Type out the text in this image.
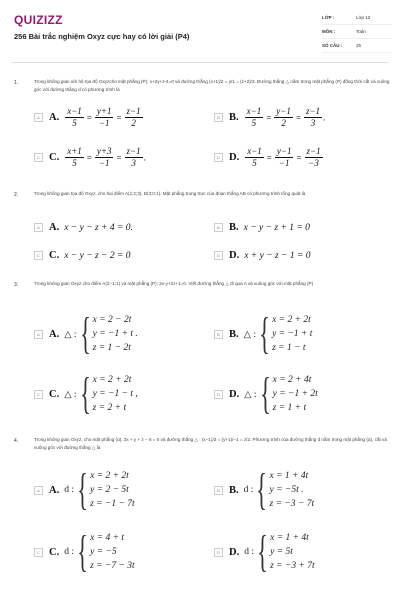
QUIZIZZ
256 Bài trắc nghiệm Oxyz cực hay có lời giải (P4)
LỚP :	Lớp 12
MÔN :	Toán
SỐ CÂU :	25
1.	Trong không gian với hệ tọa độ Oxyzcho mặt phẳng (P): x+2y+z-4=0 và đường thẳng (x+1)/2 = y/1 = (z+2)/3. Đường thẳng △ nằm trong mặt phẳng (P) đồng thời cắt và vuông góc với đường thẳng d có phương trình là
A A. $\frac{x-1}{5} = \frac{y+1}{-1} = \frac{z-1}{2}$	B B. $\frac{x-1}{5} = \frac{y-1}{2} = \frac{z-1}{3}$ .
C C. $\frac{x+1}{5} = \frac{y+3}{-1} = \frac{z-1}{3}$ .	D D. $\frac{x-1}{5} = \frac{y-1}{-1} = \frac{z-1}{-3}$
2.	Trong không gian tọa độ Oxyz, cho hai điểm A(1;2;3), B(3;0;1). Mặt phẳng trung trực của đoạn thẳng AB có phương trình tổng quát là
A A. x − y − z + 4 = 0.	B B. x − y − z + 1 = 0
C C. x − y − z − 2 = 0	D D. x + y − z − 1 = 0
3.	Trong không gian Oxyz cho điểm A(2;-1;1) và mặt phẳng (P): 2x-y+2z+1=0. Viết đường thẳng △ đi qua A và vuông góc với mặt phẳng (P)
A A. △ : { x = 2 − 2t
y = −1 + t .
z = 1 − 2t
B B. △ : { x = 2 + 2t
y = −1 + t
z = 1 − t
C C. △ : { x = 2 + 2t
y = −1 − t ,
z = 2 + t
D D. △ : { x = 2 + 4t
y = −1 + 2t
z = 1 + t
4.	Trong không gian Oxyz, cho mặt phẳng (α): 3x + y + z − 6 = 0 và đường thẳng △ : (x−1)/3 = (y+1)/−1 = z/2. Phương trình của đường thẳng d nằm trong mặt phẳng (α), cắt và vuông góc với đường thẳng △ là
A A. d : { x = 2 + 2t
y = 2 − 5t
z = −1 − 7t
B B. d : { x = 1 + 4t
y = −5t .
z = −3 − 7t
C C. d : { x = 4 + t
y = −5
z = −7 − 3t
D D. d : { x = 1 + 4t
y = 5t
z = −3 + 7t
